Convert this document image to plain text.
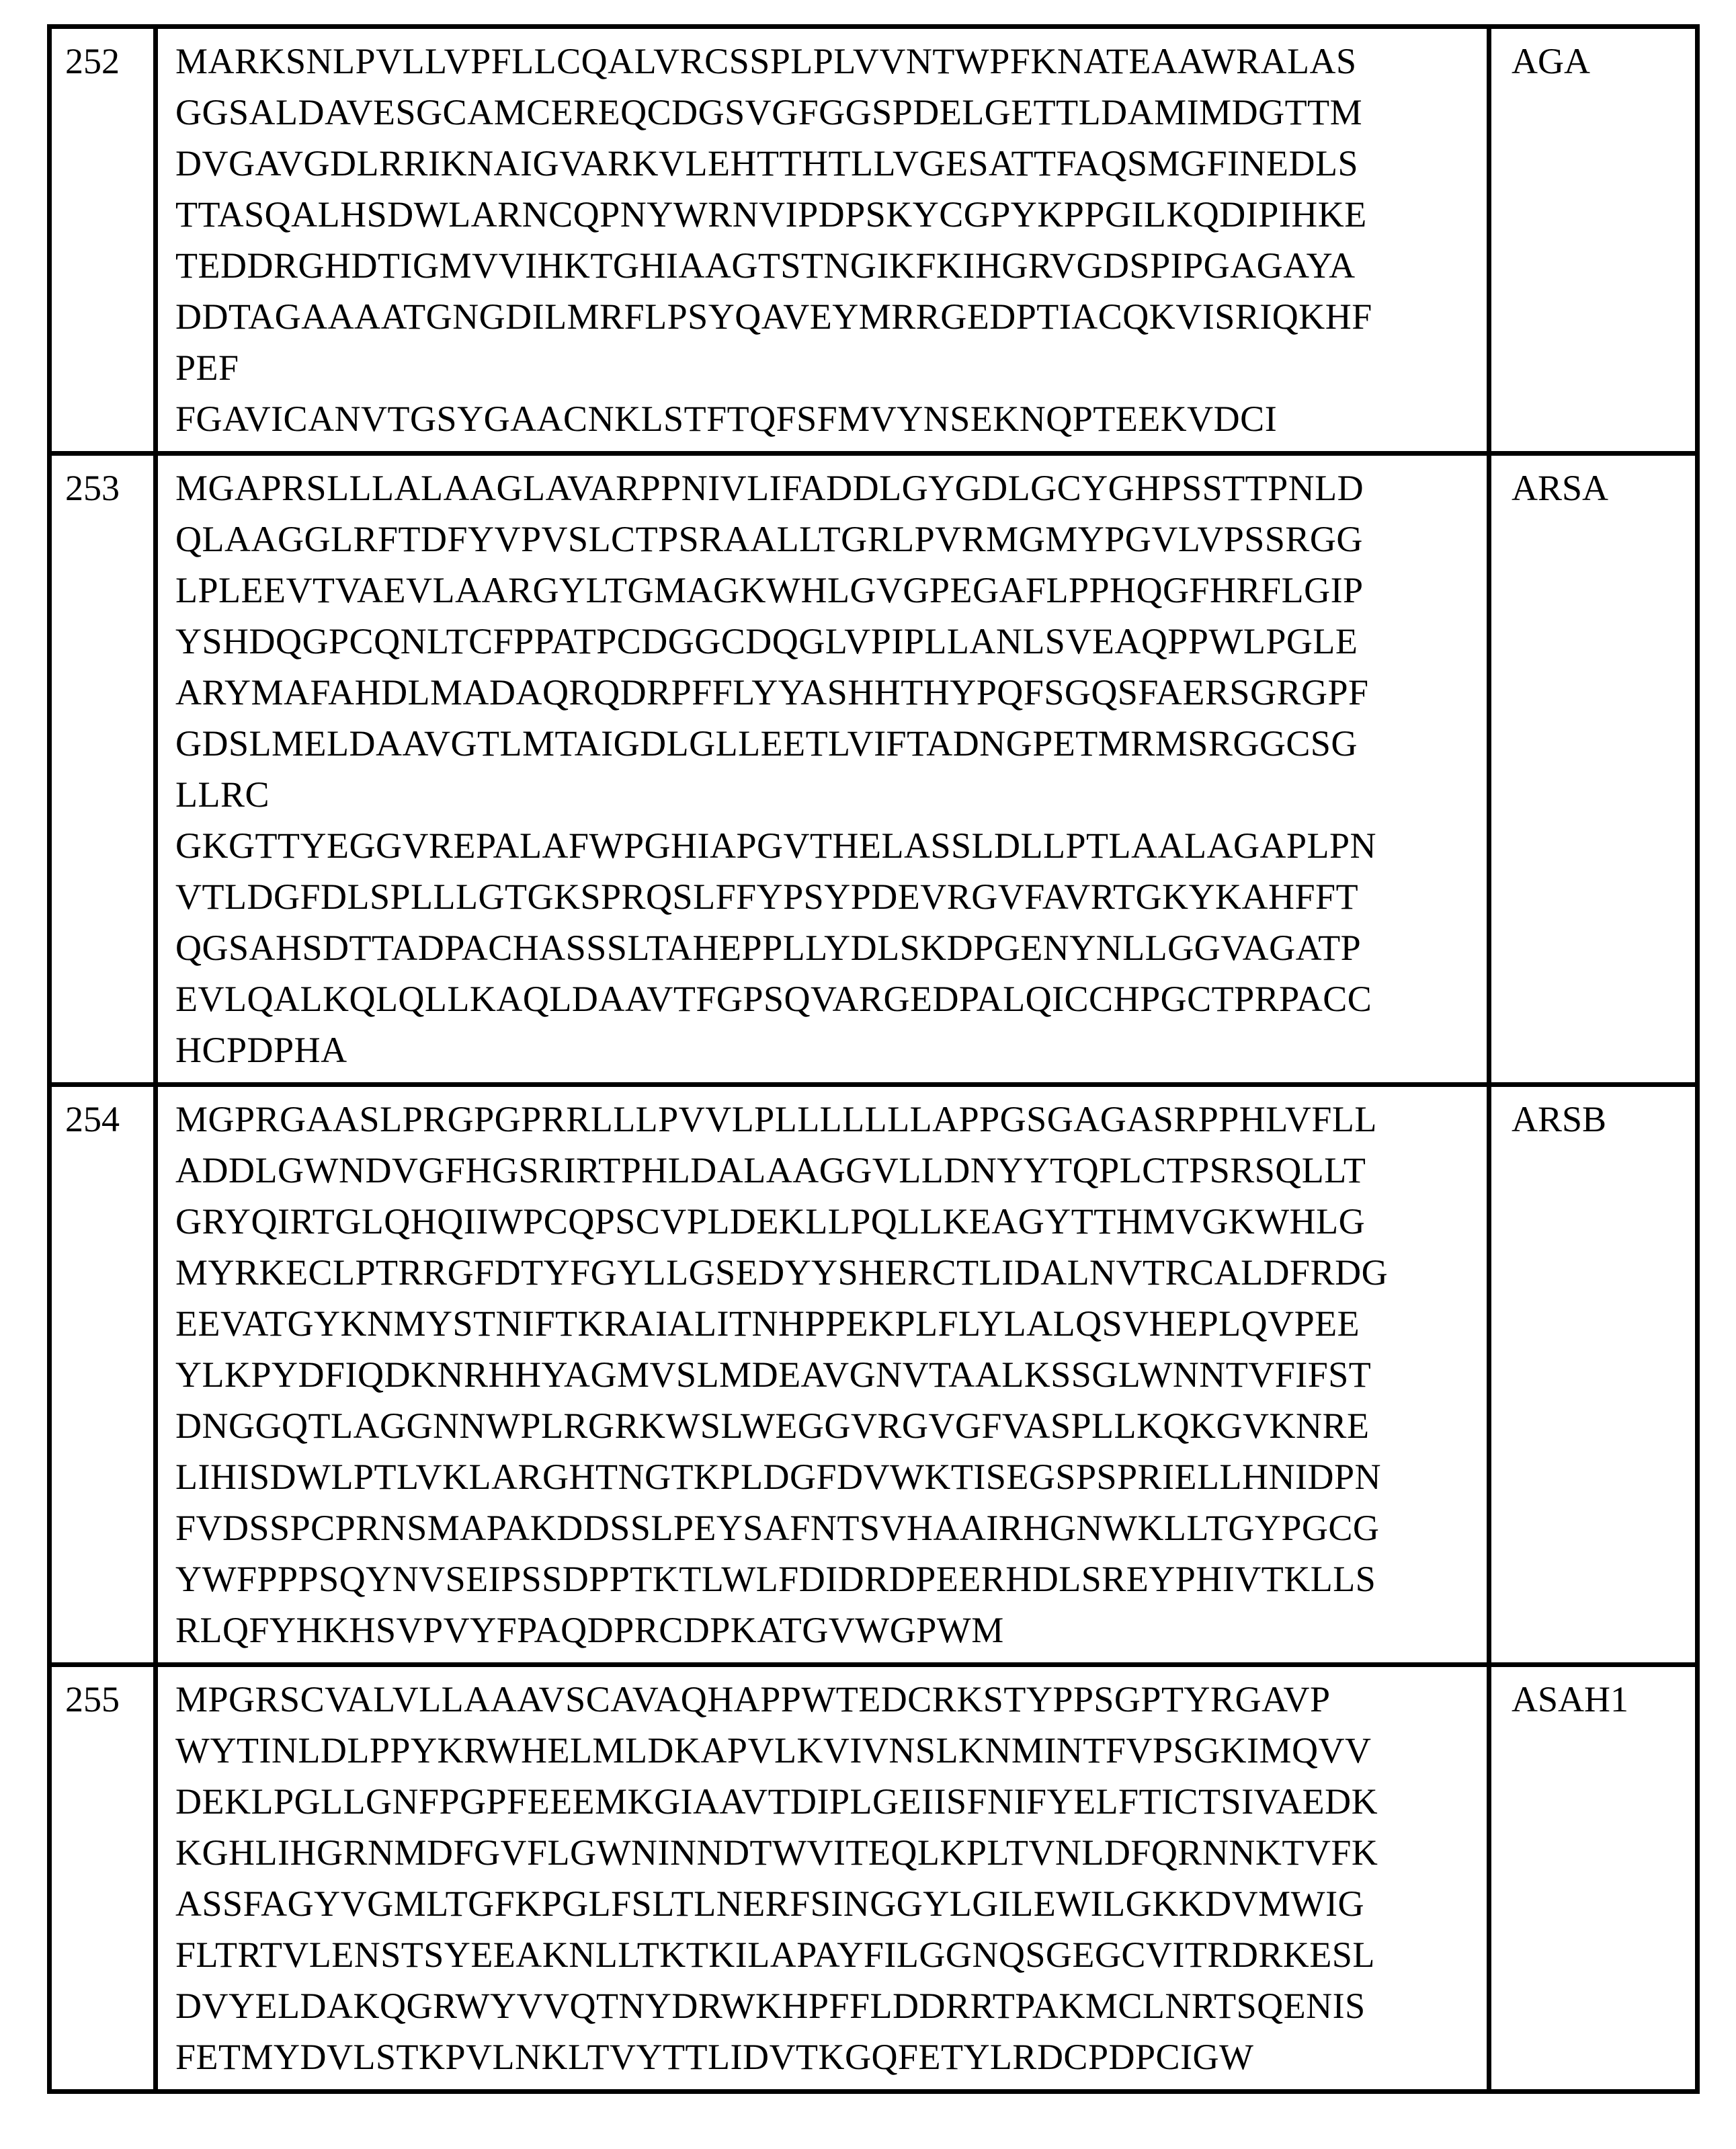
252	MARKSNLPVLLVPFLLCQALVRCSSPLPLVVNTWPFKNATEAAWRALAS
GGSALDAVESGCAMCEREQCDGSVGFGGSPDELGETTLDAMIMDGTTM
DVGAVGDLRRIKNAIGVARKVLEHTTHTLLVGESATTFAQSMGFINEDLS
TTASQALHSDWLARNCQPNYWRNVIPDPSKYCGPYKPPGILKQDIPIHKE
TEDDRGHDTIGMVVIHKTGHIAAGTSTNGIKFKIHGRVGDSPIPGAGAYA
DDTAGAAAATGNGDILMRFLPSYQAVEYMRRGEDPTIACQKVISRIQKHF
PEF
FGAVICANVTGSYGAACNKLSTFTQFSFMVYNSEKNQPTEEKVDCI	AGA
253	MGAPRSLLLALAAGLAVARPPNIVLIFADDLGYGDLGCYGHPSSTTPNLD
QLAAGGLRFTDFYVPVSLCTPSRAALLTGRLPVRMGMYPGVLVPSSRGG
LPLEEVTVAEVLAARGYLTGMAGKWHLGVGPEGAFLPPHQGFHRFLGIP
YSHDQGPCQNLTCFPPATPCDGGCDQGLVPIPLLANLSVEAQPPWLPGLE
ARYMAFAHDLMADAQRQDRPFFLYYASHHTHYPQFSGQSFAERSGRGPF
GDSLMELDAAVGTLMTAIGDLGLLEETLVIFTADNGPETMRMSRGGCSG
LLRC
GKGTTYEGGVREPALAFWPGHIAPGVTHELASSLDLLPTLAALAGAPLPN
VTLDGFDLSPLLLGTGKSPRQSLFFYPSYPDEVRGVFAVRTGKYKAHFFT
QGSAHSDTTADPACHASSSLTAHEPPLLYDLSKDPGENYNLLGGVAGATP
EVLQALKQLQLLKAQLDAAVTFGPSQVARGEDPALQICCHPGCTPRPACC
HCPDPHA	ARSA
254	MGPRGAASLPRGPGPRRLLLPVVLPLLLLLLLAPPGSGAGASRPPHLVFLL
ADDLGWNDVGFHGSRIRTPHLDALAAGGVLLDNYYTQPLCTPSRSQLLT
GRYQIRTGLQHQIIWPCQPSCVPLDEKLLPQLLKEAGYTTHMVGKWHLG
MYRKECLPTRRGFDTYFGYLLGSEDYYSHERCTLIDALNVTRCALDFRDG
EEVATGYKNMYSTNIFTKRAIALITNHPPEKPLFLYLALQSVHEPLQVPEE
YLKPYDFIQDKNRHHYAGMVSLMDEAVGNVTAALKSSGLWNNTVFIFST
DNGGQTLAGGNNWPLRGRKWSLWEGGVRGVGFVASPLLKQKGVKNRE
LIHISDWLPTLVKLARGHTNGTKPLDGFDVWKTISEGSPSPRIELLHNIDPN
FVDSSPCPRNSMAPAKDDSSLPEYSAFNTSVHAAIRHGNWKLLTGYPGCG
YWFPPPSQYNVSEIPSSDPPTKTLWLFDIDRDPEERHDLSREYPHIVTKLLS
RLQFYHKHSVPVYFPAQDPRCDPKATGVWGPWM	ARSB
255	MPGRSCVALVLLAAAVSCAVAQHAPPWTEDCRKSTYPPSGPTYRGAVP
WYTINLDLPPYKRWHELMLDKAPVLKVIVNSLKNMINTFVPSGKIMQVV
DEKLPGLLGNFPGPFEEEMKGIAAVTDIPLGEIISFNIFYELFTICTSIVAEDK
KGHLIHGRNMDFGVFLGWNINNDTWVITEQLKPLTVNLDFQRNNKTVFK
ASSFAGYVGMLTGFKPGLFSLTLNERFSINGGYLGILEWILGKKDVMWIG
FLTRTVLENSTSYEEAKNLLTKTKILAPAYFILGGNQSGEGCVITRDRKESL
DVYELDAKQGRWYVVQTNYDRWKHPFFLDDRRTPAKMCLNRTSQENIS
FETMYDVLSTKPVLNKLTVYTTLIDVTKGQFETYLRDCPDPCIGW	ASAH1
